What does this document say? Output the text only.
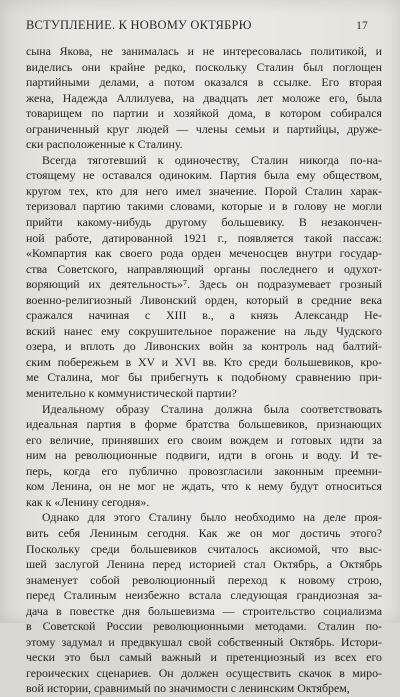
ВСТУПЛЕНИЕ. К НОВОМУ ОКТЯБРЮ	17
сына Якова, не занималась и не интересовалась политикой, и
виделись они крайне редко, поскольку Сталин был поглощен
партийными делами, а потом оказался в ссылке. Его вторая
жена, Надежда Аллилуева, на двадцать лет моложе его, была
товарищем по партии и хозяйкой дома, в котором собиралcя
ограниченный круг людей — члены семьи и партийцы, друже-
ски расположенные к Сталину.
Всегда тяготевший к одиночеству, Сталин никогда по-на-
стоящему не оставался одиноким. Партия была ему обществом,
кругом тех, кто для него имел значение. Порой Сталин харак-
теризовал партию такими словами, которые и в голову не могли
прийти какому-нибудь другому большевику. В незакончен-
ной работе, датированной 1921 г., появляется такой пассаж:
«Компартия как своего рода орден меченосцев внутри государ-
ства Советского, направляющий органы последнего и одухот-
воряющий их деятельность»⁷. Здесь он подразумевает грозный
военно-религиозный Ливонский орден, который в средние века
сражался начиная с XIII в., а князь Александр Не-
вский нанес ему сокрушительное поражение на льду Чудского
озера, и вплоть до Ливонских войн за контроль над балтий-
ским побережьем в XV и XVI вв. Кто среди большевиков, кро-
ме Сталина, мог бы прибегнуть к подобному сравнению при-
менительно к коммунистической партии?
Идеальному образу Сталина должна была соответствовать
идеальная партия в форме братства большевиков, признающих
его величие, принявших его своим вождем и готовых идти за
ним на революционные подвиги, идти в огонь и воду. И те-
перь, когда его публично провозгласили законным преемни-
ком Ленина, он не мог не ждать, что к нему будут относиться
как к «Ленину сегодня».
Однако для этого Сталину было необходимо на деле проя-
вить себя Лениным сегодня. Как же он мог достичь этого?
Поскольку среди большевиков считалось аксиомой, что выс-
шей заслугой Ленина перед историей стал Октябрь, а Октябрь
знаменует собой революционный переход к новому строю,
перед Сталиным неизбежно встала следующая грандиозная за-
дача в повестке дня большевизма — строительство социализма
в Советской России революционными методами. Сталин по-
этому задумал и предвкушал свой собственный Октябрь. Истори-
чески это был самый важный и претенциозный из всех его
героических сценариев. Он должен осуществить скачок в миро-
вой истории, сравнимый по значимости с ленинским Октябрем,
